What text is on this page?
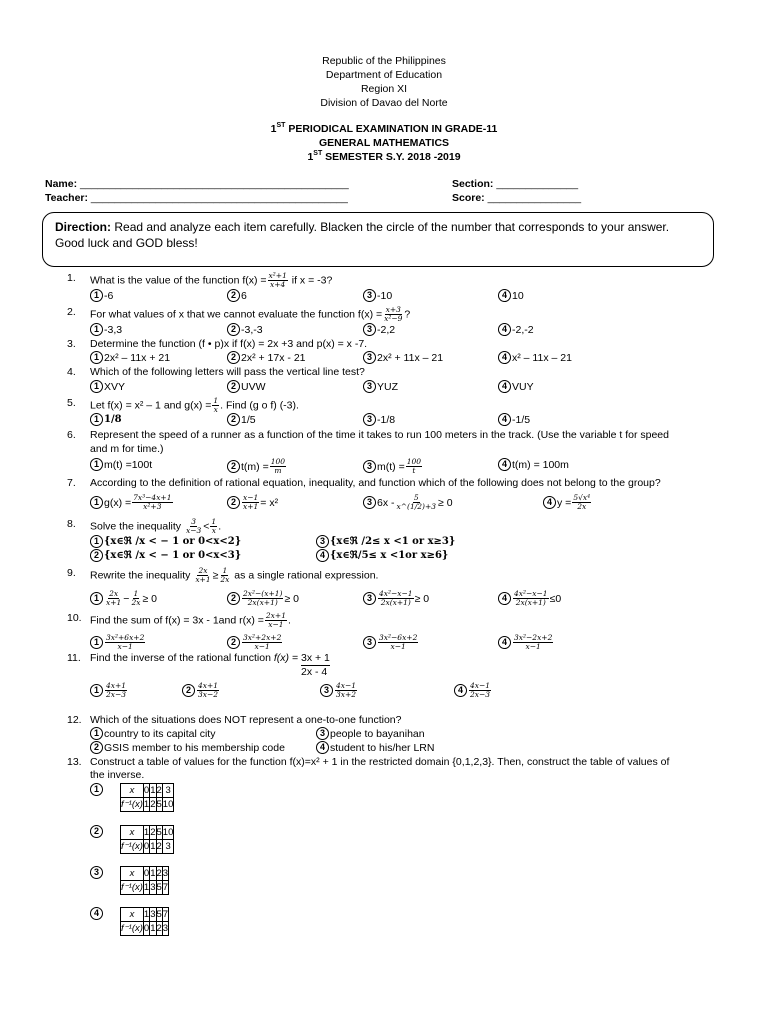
Republic of the Philippines
Department of Education
Region XI
Division of Davao del Norte
1ST PERIODICAL EXAMINATION IN GRADE-11
GENERAL MATHEMATICS
1ST SEMESTER S.Y. 2018 -2019
Name: ______________________________________________	Section: ______________
Teacher: ____________________________________________	Score: ________________
Direction: Read and analyze each item carefully. Blacken the circle of the number that corresponds to your answer. Good luck and GOD bless!
1.	What is the value of the function $f(x) = \frac{\text{x²+1}}{x+4}$ if x = -3?
1 -6	2 6	3 -10	4 10
2.	For what values of x that we cannot evaluate the function $f(x) = \frac{x+3}{\text{x²−9}}$ ?
1 -3,3	2 -3,-3	3 -2,2	4 -2,-2
3.	Determine the function (f • p)x if f(x) = 2x +3 and p(x) = x -7.
1 2x² – 11x + 21	2 2x² + 17x - 21	3 2x² + 11x – 21	4 x² – 11x – 21
4.	Which of the following letters will pass the vertical line test?
1 XVY	2 UVW	3 YUZ	4 VUY
5.	Let f(x) = x² – 1 and $g(x) = \frac{1}{x}$ . Find (g o f) (-3).
1 1/8	2 1/5	3 -1/8	4 -1/5
6.	Represent the speed of a runner as a function of the time it takes to run 100 meters in the track. (Use the variable t for speed
and m for time.)
1 m(t) =100t	2 $t(m) = \frac{100}{m}$	3 $m(t) = \frac{100}{t}$	4 t(m) = 100m
7.	According to the definition of rational equation, inequality, and function which of the following does not belong to the group?
1 $g(x) = \frac{\text{7x³−4x+1}}{\text{x²+3}}$	$2 \frac{x-1}{x+1} = x^2$	3 $6x - \frac{5}{x\^{}(1/2)+3} \ge 0$	4 $y = \frac{\text{5√x⁴}}{2x}$
8.	Solve the inequality $\frac{3}{x-3} < \frac{1}{x}$ .
1 {x∈ℜ /x < − 1 or 0<x<2}	3 {x∈ℜ /2≤ x <1 or x≥3}
2 {x∈ℜ /x < − 1 or 0<x<3}	4 {x∈ℜ/5≤ x <1or x≥6}
9.	Rewrite the inequality $\frac{2x}{x+1} \ge \frac{1}{2x}$ as a single rational expression.
$1 \frac{2x}{x+1} - \frac{1}{2x} \ge 0$	$2 \frac{\text{2x²−(x+1)}}{2x(x+1)} \ge 0$	$3 \frac{\text{4x²−x−1}}{2x(x+1)} \ge 0$	$4 \frac{\text{4x²−x−1}}{2x(x+1)} \le 0$
10. Find the sum of f(x) = 3x - 1and $r(x) = \frac{2x+1}{x-1}$ .
$1 \frac{\text{3x²+6x+2}}{x-1}$	$2 \frac{\text{3x²+2x+2}}{x-1}$	$3 \frac{\text{3x²−6x+2}}{x-1}$	$4 \frac{\text{3x²−2x+2}}{x-1}$
11. Find the inverse of the rational function $f(x) = \frac{3x + 1}{2x - 4}$
$1 \frac{4x+1}{2x-3}$	$2 \frac{4x+1}{3x-2}$	$3 \frac{4x-1}{3x+2}$	$4 \frac{4x-1}{2x-3}$
12. Which of the situations does NOT represent a one-to-one function?
1 country to its capital city	3 people to bayanihan
2 GSIS member to his membership code	4 student to his/her LRN
13. Construct a table of values for the function f(x)=x² + 1 in the restricted domain {0,1,2,3}. Then, construct the table of values of
the inverse.
1	x	0	1	2	3
f⁻¹(x)	1	2	5	10
2	x	1	2	5	10
f⁻¹(x)	0	1	2	3
3	x	0	1	2	3
f⁻¹(x)	1	3	5	7
4	x	1	3	5	7
f⁻¹(x)	0	1	2	3
